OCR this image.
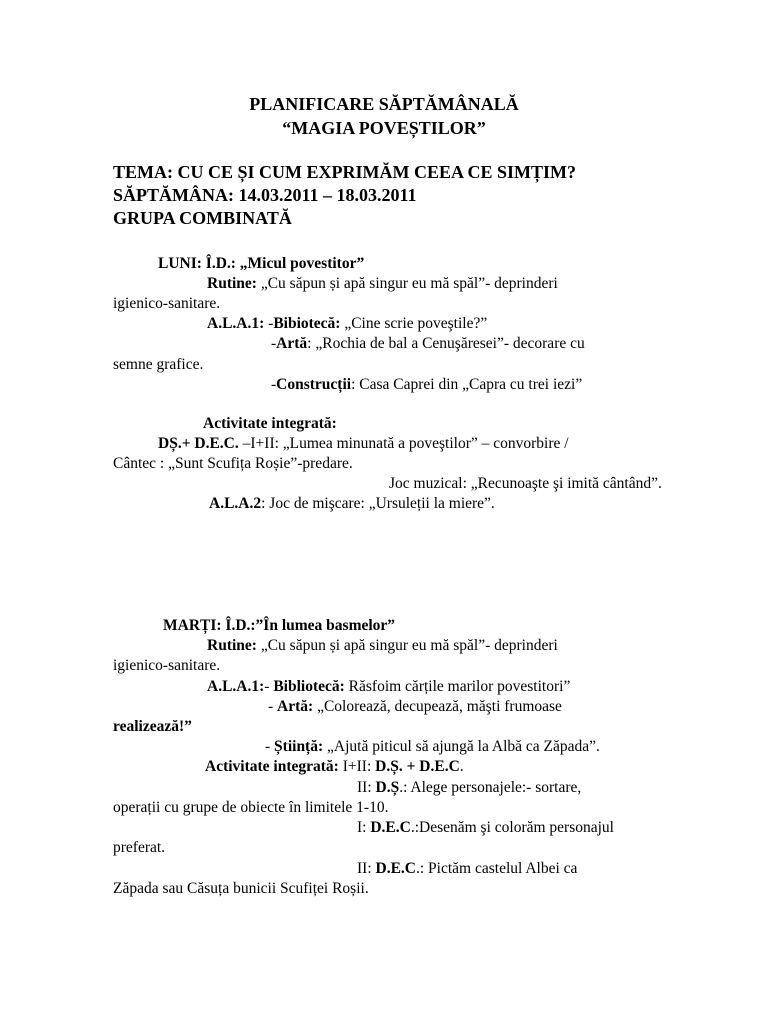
PLANIFICARE SĂPTĂMÂNALĂ
“MAGIA POVEȘTILOR”
TEMA: CU CE ȘI CUM EXPRIMĂM CEEA CE SIMȚIM?
SĂPTĂMÂNA: 14.03.2011 – 18.03.2011
GRUPA COMBINATĂ
LUNI: Î.D.: „Micul povestitor”
Rutine: „Cu săpun și apă singur eu mă spăl”- deprinderi
igienico-sanitare.
A.L.A.1: -Bibiotecă: „Cine scrie poveştile?”
-Artă: „Rochia de bal a Cenuşăresei”- decorare cu
semne grafice.
-Construcții: Casa Caprei din „Capra cu trei iezi”
Activitate integrată:
DȘ.+ D.E.C. –I+II: „Lumea minunată a poveştilor” – convorbire /
Cântec : „Sunt Scufița Roșie”-predare.
Joc muzical: „Recunoaşte şi imită cântând”.
A.L.A.2: Joc de mişcare: „Ursuleții la miere”.
MARȚI: Î.D.:”În lumea basmelor”
Rutine: „Cu săpun și apă singur eu mă spăl”- deprinderi
igienico-sanitare.
A.L.A.1:- Bibliotecă: Răsfoim cărțile marilor povestitori”
- Artă: „Colorează, decupează, măşti frumoase
realizează!”
- Știință: „Ajută piticul să ajungă la Albă ca Zăpada”.
Activitate integrată: I+II: D.Ș. + D.E.C.
II: D.Ș.: Alege personajele:- sortare,
operații cu grupe de obiecte în limitele 1-10.
I: D.E.C.:Desenăm şi colorăm personajul
preferat.
II: D.E.C.: Pictăm castelul Albei ca
Zăpada sau Căsuța bunicii Scufiței Roșii.
